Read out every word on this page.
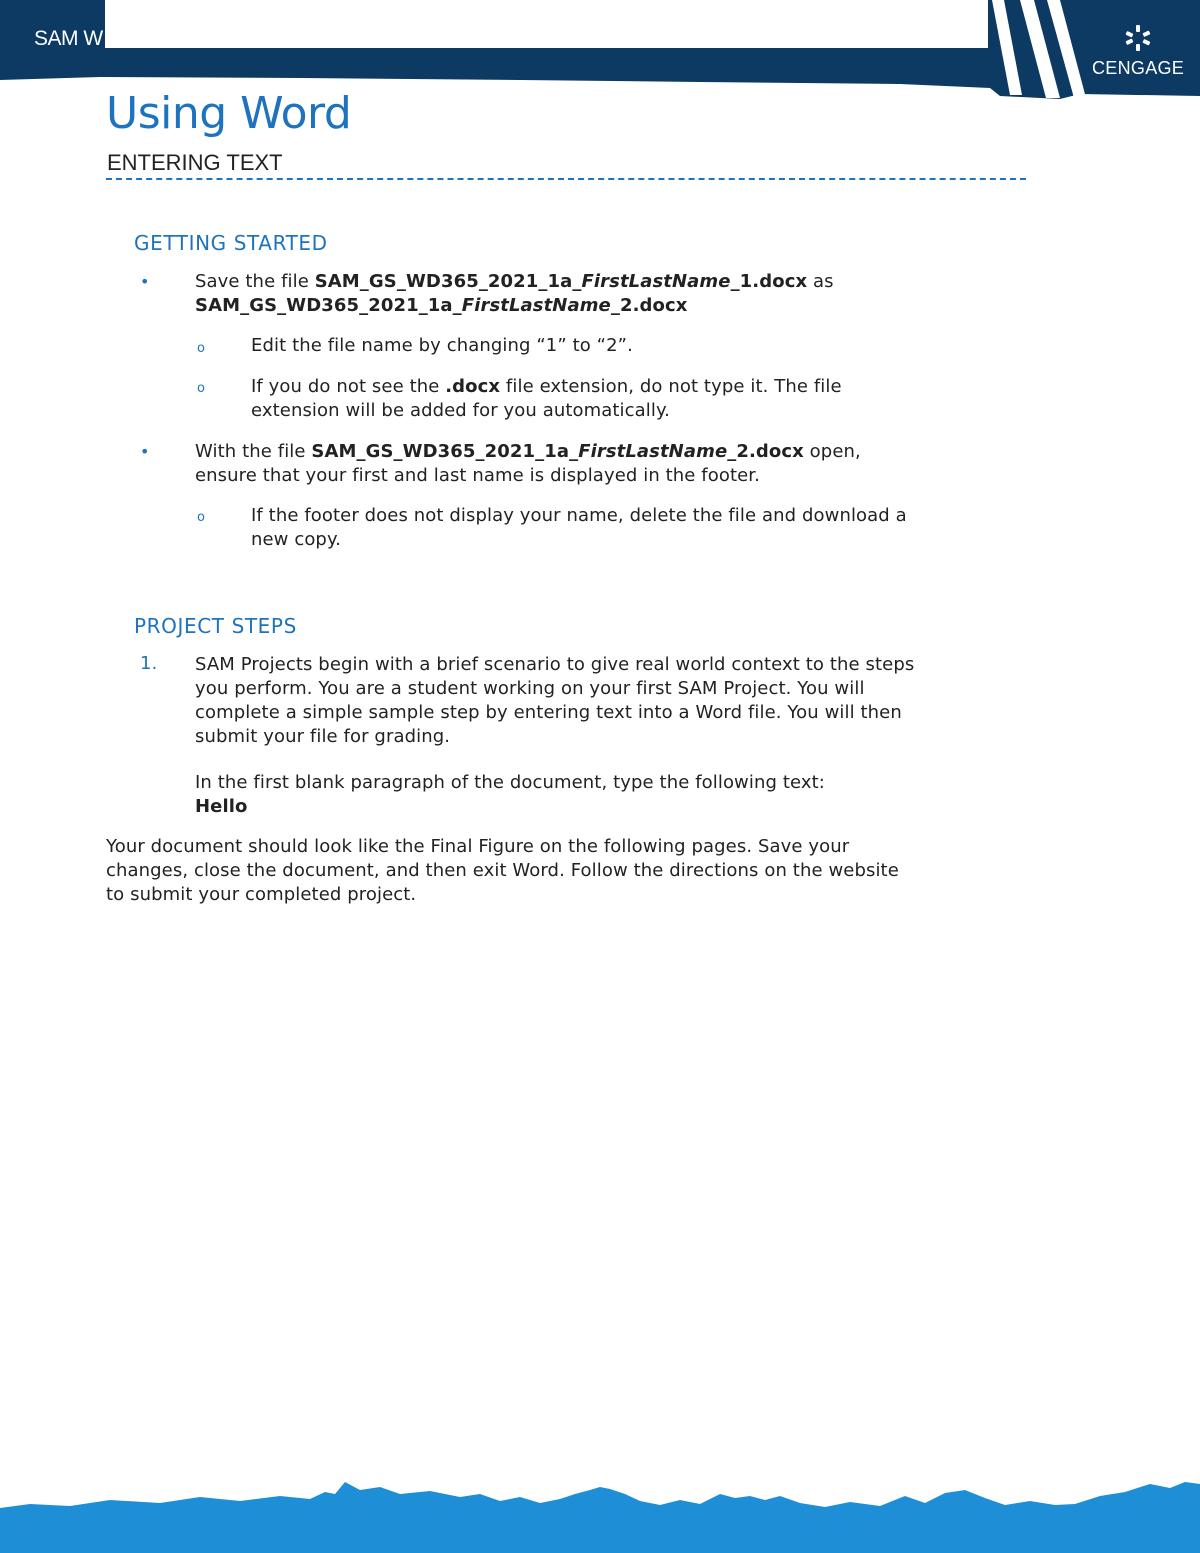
SAM W
CENGAGE
Using Word
ENTERING TEXT
GETTING STARTED
•	Save the file SAM_GS_WD365_2021_1a_FirstLastName_1.docx as
SAM_GS_WD365_2021_1a_FirstLastName_2.docx
o	Edit the file name by changing “1” to “2”.
o	If you do not see the .docx file extension, do not type it. The file
extension will be added for you automatically.
•	With the file SAM_GS_WD365_2021_1a_FirstLastName_2.docx open,
ensure that your first and last name is displayed in the footer.
o	If the footer does not display your name, delete the file and download a
new copy.
PROJECT STEPS
1. SAM Projects begin with a brief scenario to give real world context to the steps
you perform. You are a student working on your first SAM Project. You will
complete a simple sample step by entering text into a Word file. You will then
submit your file for grading.
In the first blank paragraph of the document, type the following text:
Hello
Your document should look like the Final Figure on the following pages. Save your
changes, close the document, and then exit Word. Follow the directions on the website
to submit your completed project.
